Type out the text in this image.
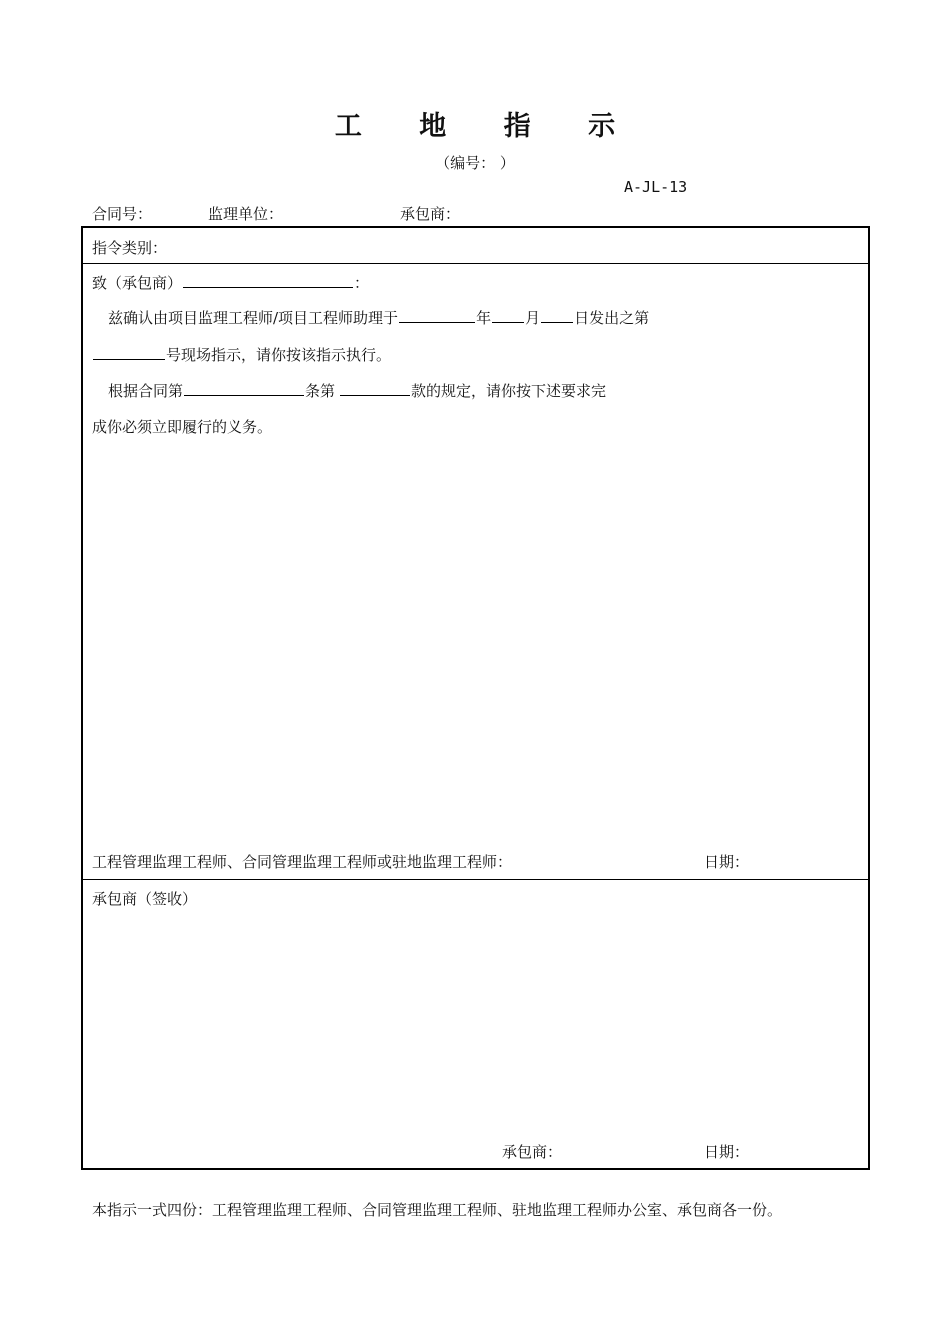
工 地 指 示
（编号： ）
A-JL-13
合同号：	监理单位：	承包商：
指令类别：
致（承包商）	：
兹确认由项目监理工程师/项目工程师助理于	年 月 日发出之第
号现场指示，请你按该指示执行。
根据合同第	条第	款的规定，请你按下述要求完
成你必须立即履行的义务。
工程管理监理工程师、合同管理监理工程师或驻地监理工程师：	日期：
承包商（签收）
承包商：	日期：
本指示一式四份：工程管理监理工程师、合同管理监理工程师、驻地监理工程师办公室、承包商各一份。
